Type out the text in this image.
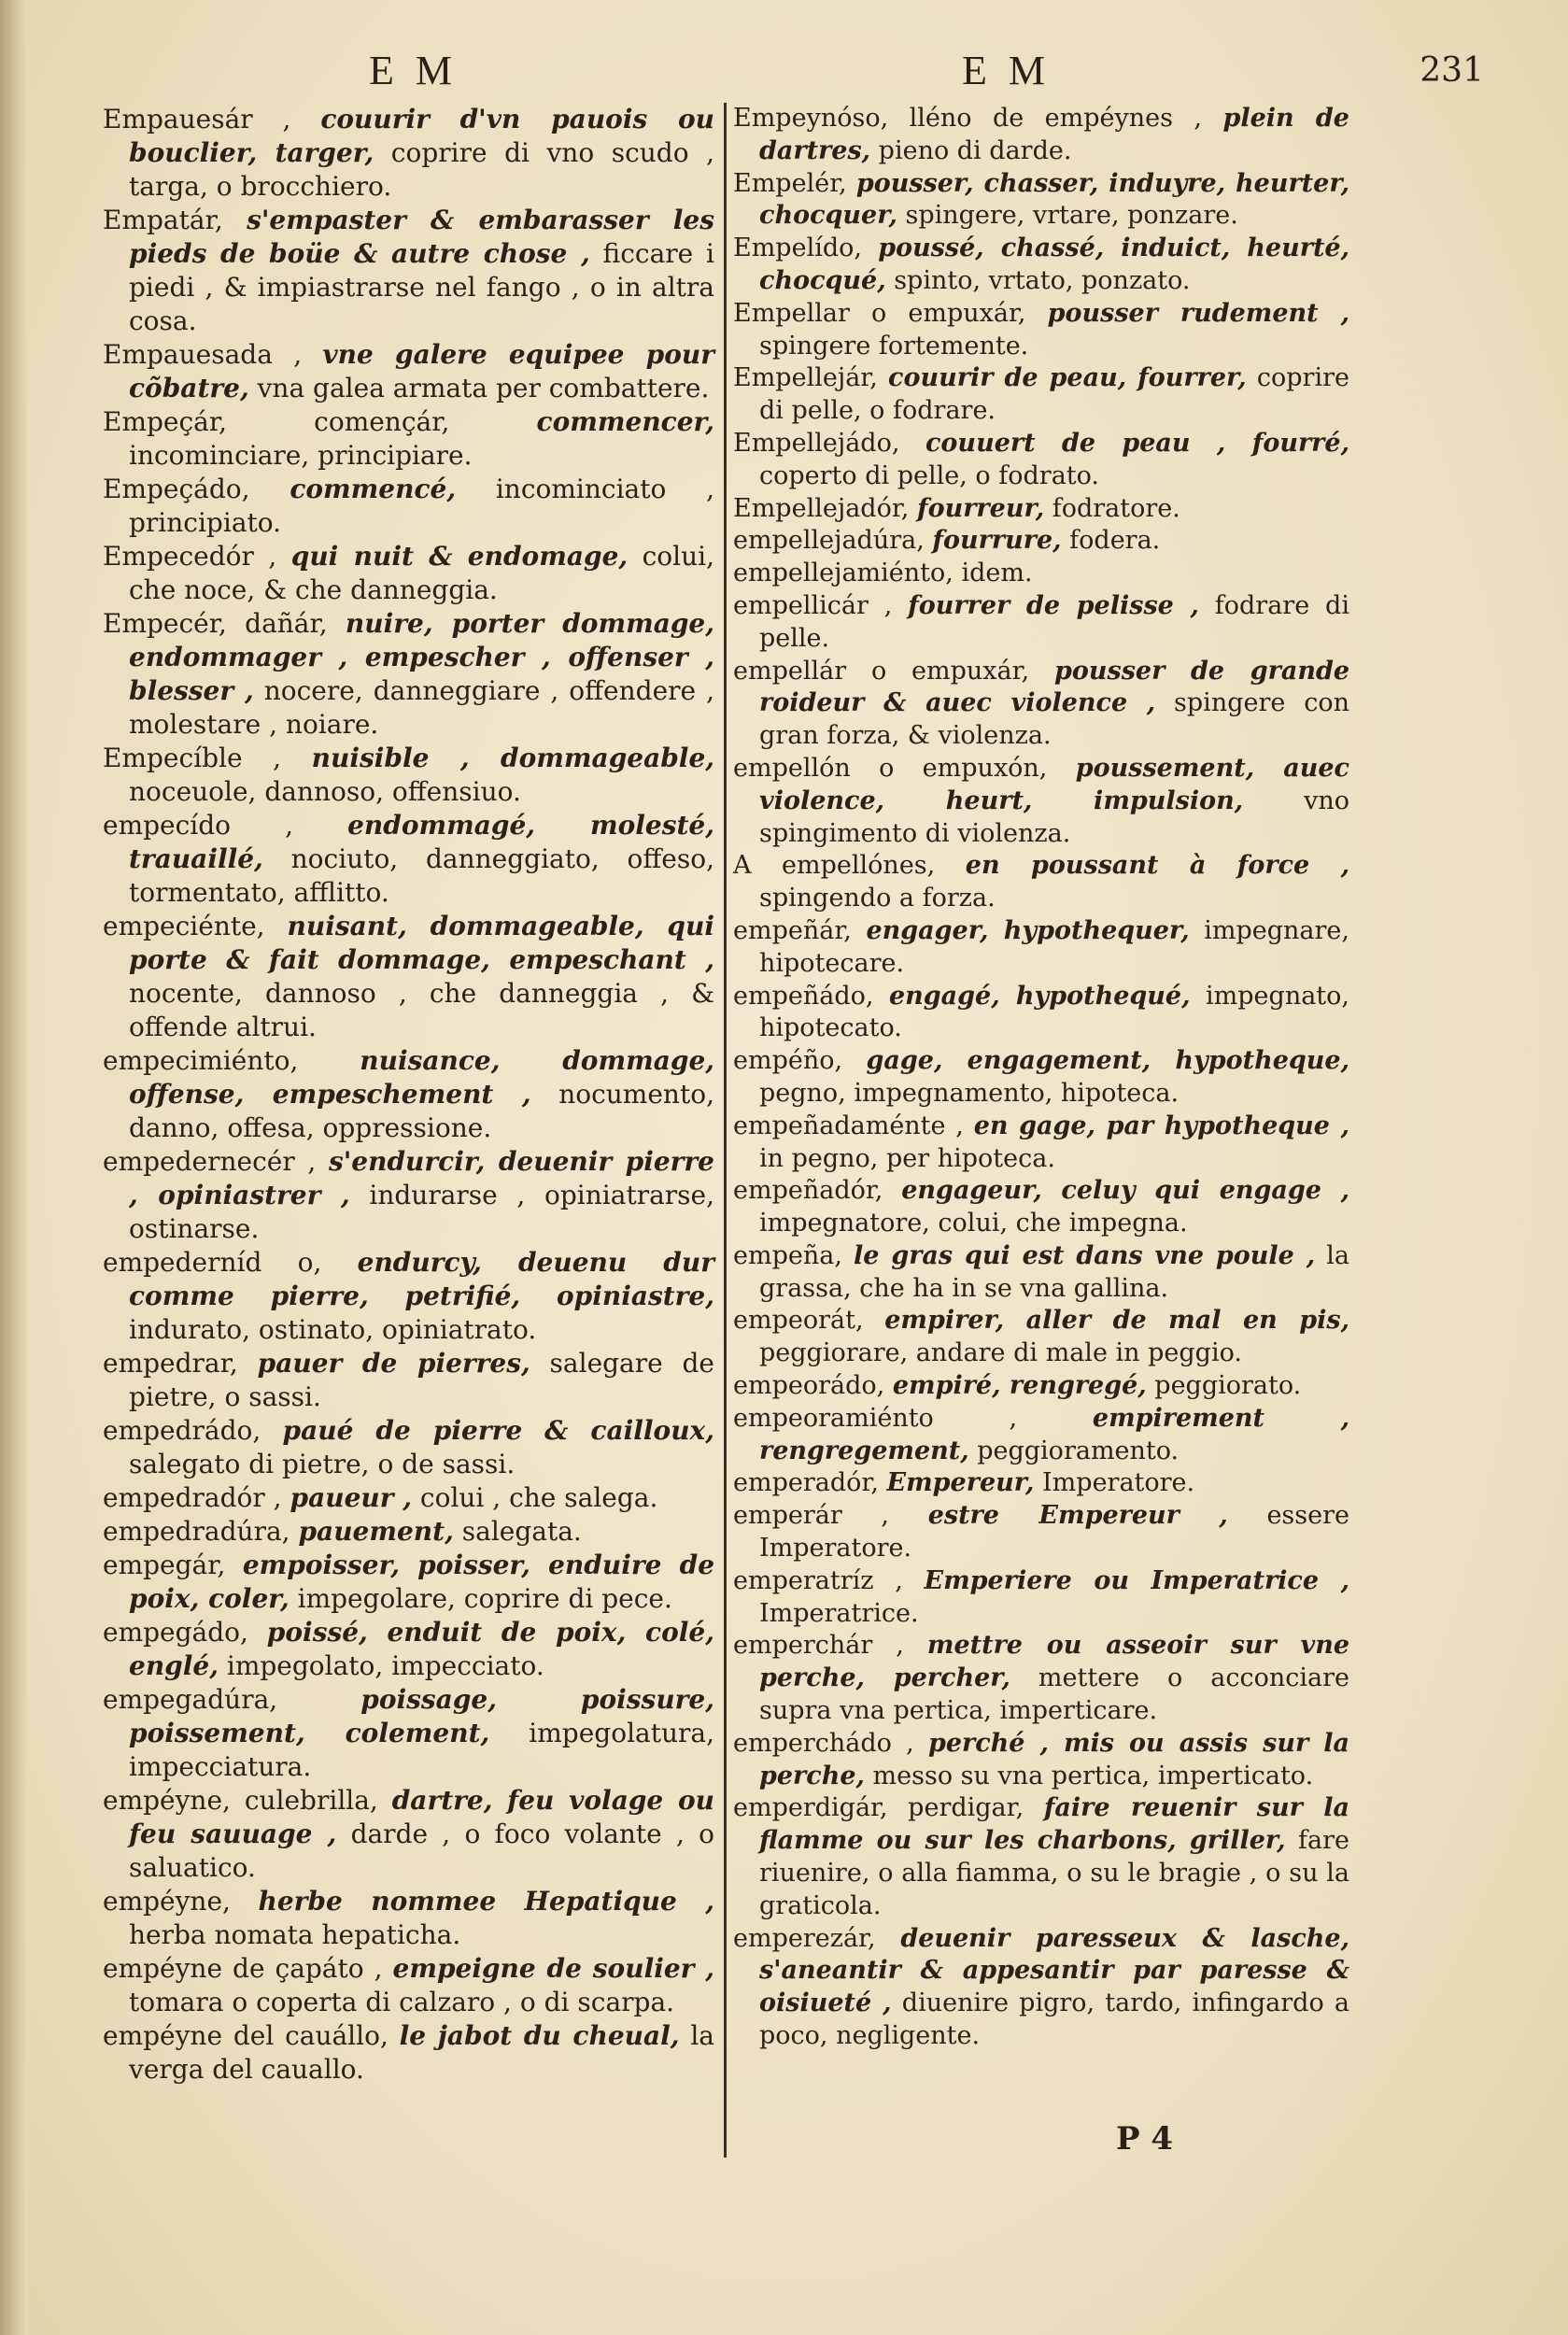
E M	E M	231

Empauesár , couurir d'vn pauois ou bouclier, targer, coprire di vno scudo , targa, o brocchiero.

Empatár, s'empaster & embarasser les pieds de boüe & autre chose , ficcare i piedi , & impiastrarse nel fango , o in altra cosa.

Empauesada , vne galere equipee pour cõbatre, vna galea armata per combattere.

Empeçár, començár,	commencer, incominciare, principiare.

Empeçádo, commencé, incominciato , principiato.

Empecedór , qui nuit & endomage, colui, che noce, & che danneggia.

Empecér, dañár, nuire, porter dommage, endommager , empescher , offenser , blesser , nocere, danneggiare , offendere , molestare , noiare.

Empecíble , nuisible , dommageable, noceuole, dannoso, offensiuo.

empecído , endommagé, molesté, trauaillé, nociuto, danneggiato, offeso, tormentato, afflitto.

empeciénte, nuisant, dommageable, qui porte & fait dommage, empeschant , nocente, dannoso , che danneggia , & offende altrui.

empecimiénto, nuisance, dommage, offense, empeschement , nocumento, danno, offesa, oppressione.

empedernecér , s'endurcir, deuenir pierre , opiniastrer , indurarse , opiniatrarse, ostinarse.

empederníd o, endurcy, deuenu dur comme pierre, petrifié, opiniastre, indurato, ostinato, opiniatrato.

empedrar, pauer de pierres, salegare de pietre, o sassi.

empedrádo, paué de pierre & cailloux, salegato di pietre, o de sassi.

empedradór , paueur , colui , che salega.

empedradúra, pauement, salegata.

empegár, empoisser, poisser, enduire de poix, coler, impegolare, coprire di pece.

empegádo, poissé, enduit de poix, colé, englé, impegolato, impecciato.

empegadúra,	poissage, poissure, poissement, colement, impegolatura, impecciatura.

empéyne, culebrilla, dartre, feu volage ou feu sauuage , darde , o foco volante , o saluatico.

empéyne, herbe nommee Hepatique , herba nomata hepaticha.

empéyne de çapáto , empeigne de soulier , tomara o coperta di calzaro , o di scarpa.

empéyne del cauállo, le jabot du cheual, la verga del cauallo.

Empeynóso, lléno de empéynes , plein de dartres, pieno di darde.

Empelér, pousser, chasser, induyre, heurter, chocquer, spingere, vrtare, ponzare.

Empelído, poussé, chassé, induict, heurté, chocqué, spinto, vrtato, ponzato.

Empellar o empuxár, pousser rudement , spingere fortemente.

Empellejár, couurir de peau, fourrer, coprire di pelle, o fodrare.

Empellejádo, couuert de peau , fourré, coperto di pelle, o fodrato.

Empellejadór, fourreur, fodratore.

empellejadúra, fourrure, fodera.

empellejamiénto, idem.

empellicár , fourrer de pelisse , fodrare di pelle.

empellár o empuxár, pousser de grande roideur & auec violence , spingere con gran forza, & violenza.

empellón o empuxón, poussement, auec violence, heurt, impulsion, vno spingimento di violenza.

A empellónes, en poussant à force , spingendo a forza.

empeñár, engager, hypothequer, impegnare, hipotecare.

empeñádo, engagé, hypothequé, impegnato, hipotecato.

empéño, gage, engagement, hypotheque, pegno, impegnamento, hipoteca.

empeñadaménte , en gage, par hypotheque , in pegno, per hipoteca.

empeñadór, engageur, celuy qui engage , impegnatore, colui, che impegna.

empeña, le gras qui est dans vne poule , la grassa, che ha in se vna gallina.

empeorát, empirer, aller de mal en pis, peggiorare, andare di male in peggio.

empeorádo, empiré, rengregé, peggiorato.

empeoramiénto ,	empirement , rengregement, peggioramento.

emperadór, Empereur, Imperatore.

emperár , estre Empereur , essere Imperatore.

emperatríz , Emperiere ou Imperatrice , Imperatrice.

emperchár , mettre ou asseoir sur vne perche, percher, mettere o acconciare supra vna pertica, imperticare.

emperchádo , perché , mis ou assis sur la perche, messo su vna pertica, imperticato.

emperdigár, perdigar, faire reuenir sur la flamme ou sur les charbons, griller, fare riuenire, o alla fiamma, o su le bragie , o su la graticola.

emperezár, deuenir paresseux & lasche, s'aneantir & appesantir par paresse & oisiueté , diuenire pigro, tardo, infingardo a poco, negligente.

P 4
